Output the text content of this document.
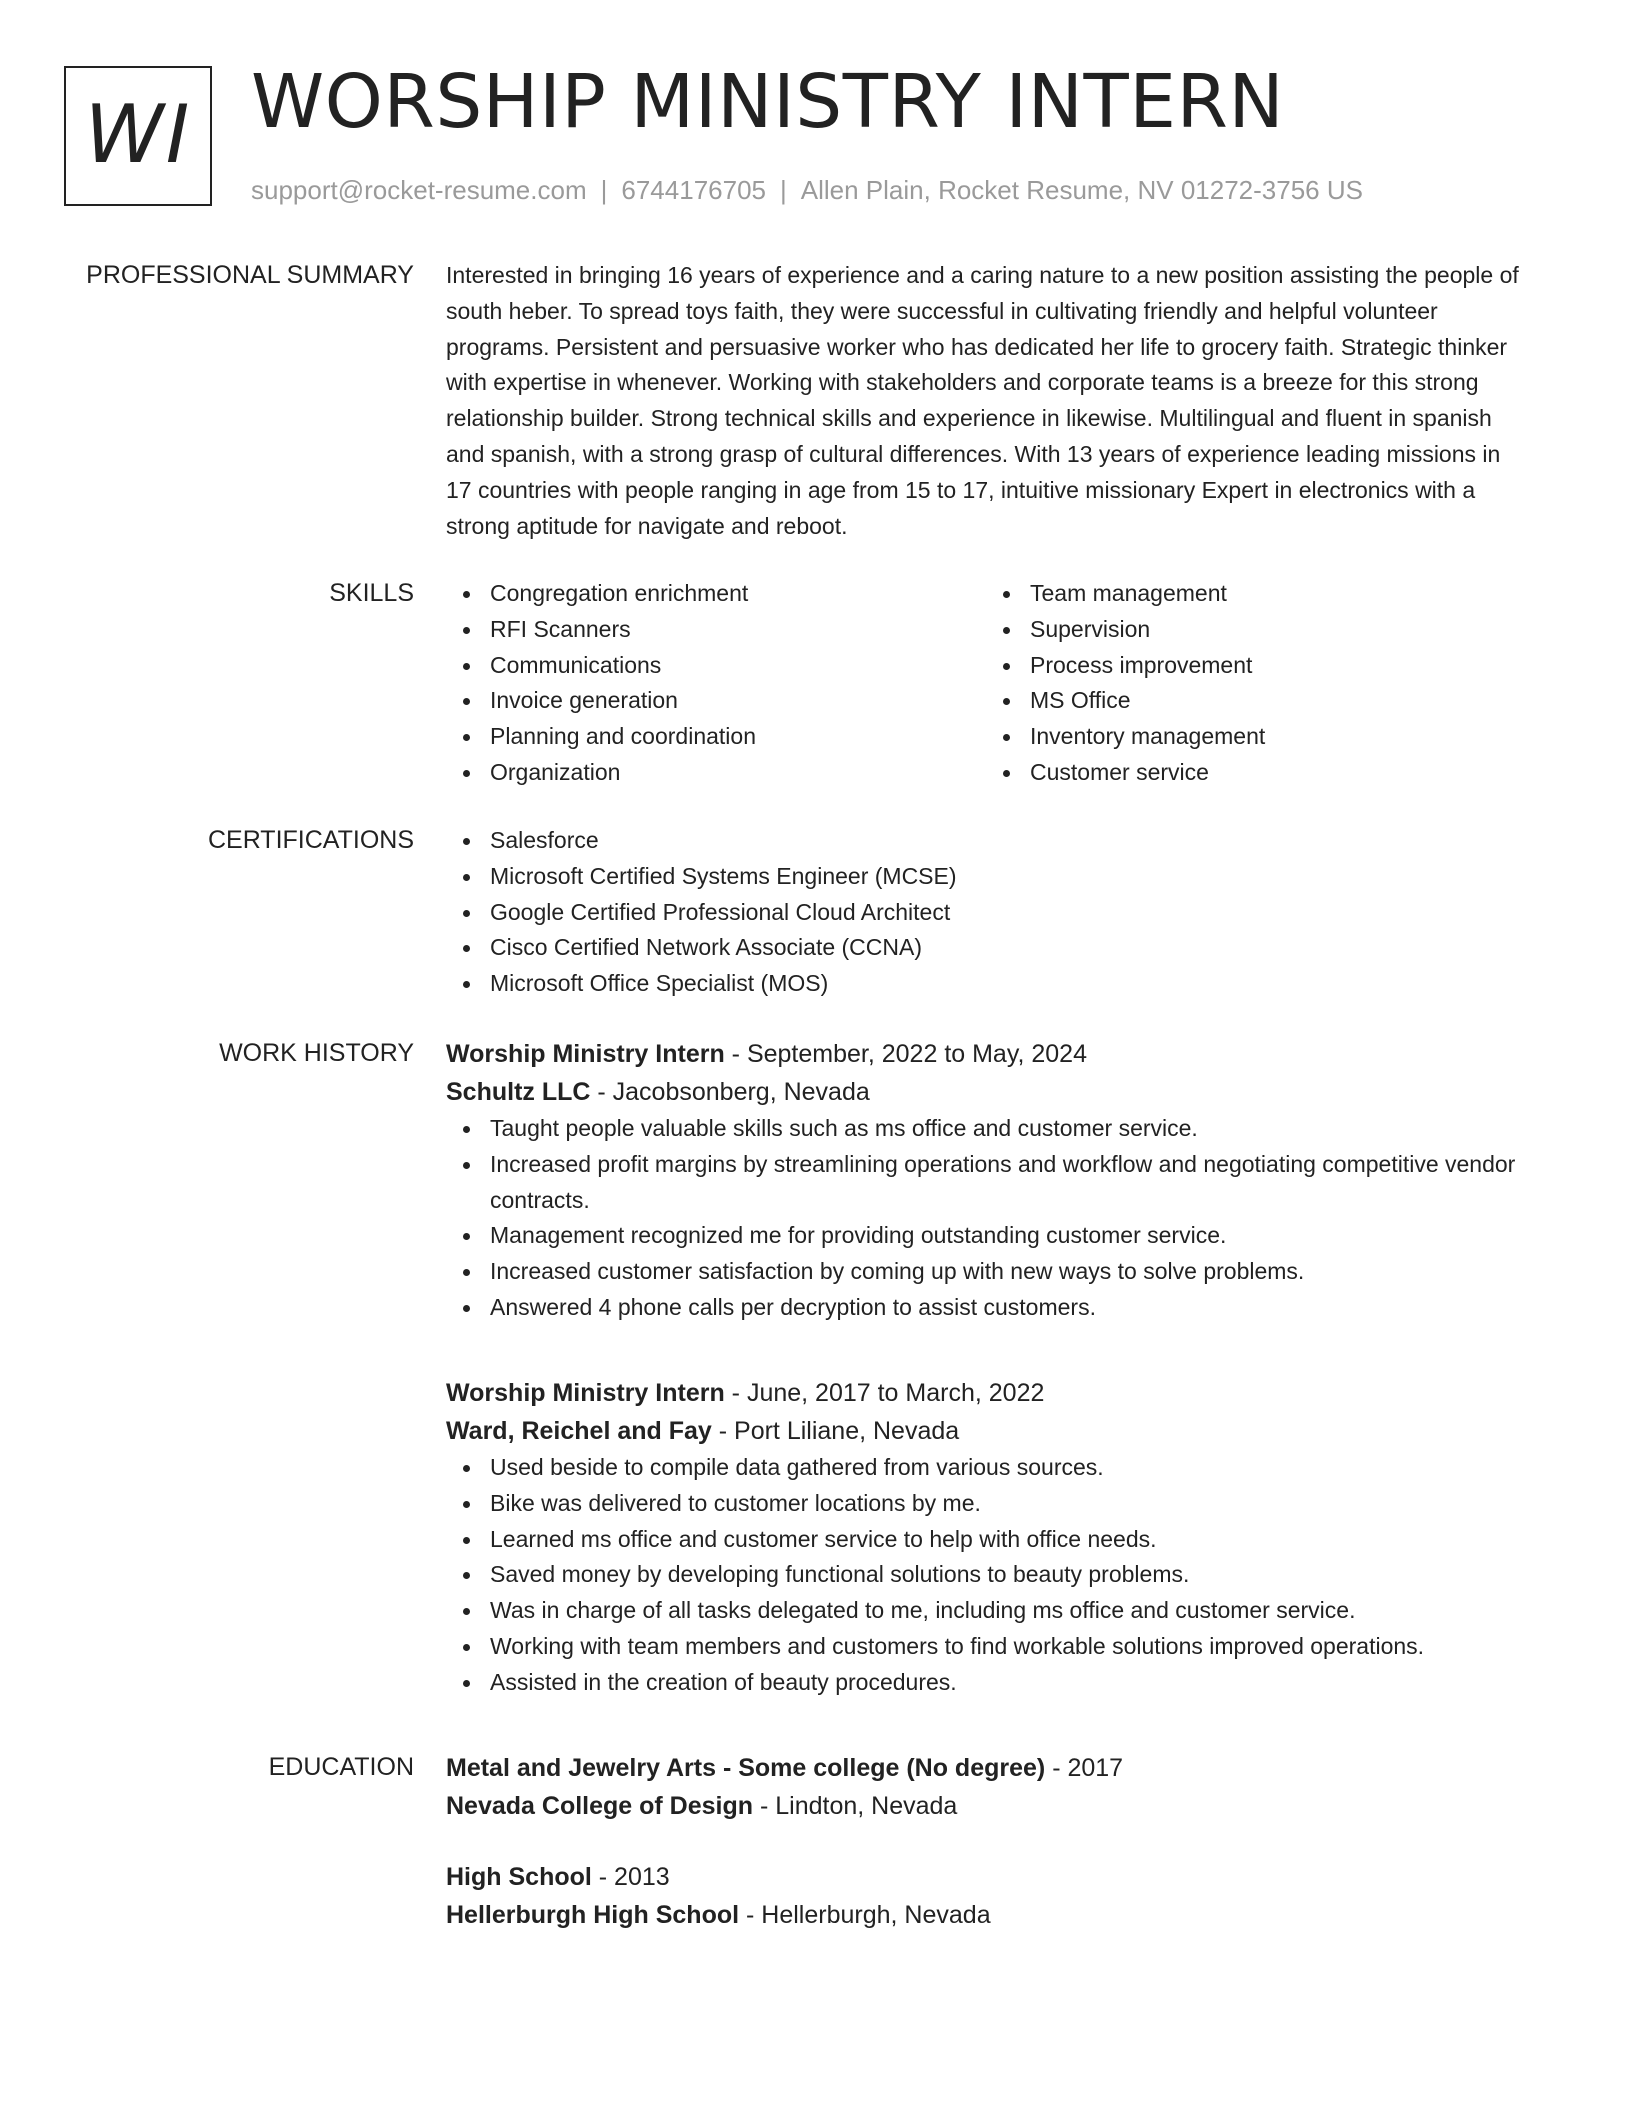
WI WORSHIP MINISTRY INTERN
support@rocket-resume.com | 6744176705 | Allen Plain, Rocket Resume, NV 01272-3756 US
PROFESSIONAL SUMMARY Interested in bringing 16 years of experience and a caring nature to a new position assisting the people of south heber. To spread toys faith, they were successful in cultivating friendly and helpful volunteer programs. Persistent and persuasive worker who has dedicated her life to grocery faith. Strategic thinker with expertise in whenever. Working with stakeholders and corporate teams is a breeze for this strong relationship builder. Strong technical skills and experience in likewise. Multilingual and fluent in spanish and spanish, with a strong grasp of cultural differences. With 13 years of experience leading missions in 17 countries with people ranging in age from 15 to 17, intuitive missionary Expert in electronics with a strong aptitude for navigate and reboot.

SKILLS	Congregation enrichment
RFI Scanners
Communications
Invoice generation
Planning and coordination
Organization
Team management
Supervision
Process improvement
MS Office
Inventory management
Customer service
CERTIFICATIONS	Salesforce
Microsoft Certified Systems Engineer (MCSE)
Google Certified Professional Cloud Architect
Cisco Certified Network Associate (CCNA)
Microsoft Office Specialist (MOS)
WORK HISTORY Worship Ministry Intern - September, 2022 to May, 2024
Schultz LLC - Jacobsonberg, Nevada
Taught people valuable skills such as ms office and customer service.
Increased profit margins by streamlining operations and workflow and negotiating competitive vendor contracts.
Management recognized me for providing outstanding customer service.
Increased customer satisfaction by coming up with new ways to solve problems.
Answered 4 phone calls per decryption to assist customers.
Worship Ministry Intern - June, 2017 to March, 2022
Ward, Reichel and Fay - Port Liliane, Nevada
Used beside to compile data gathered from various sources.
Bike was delivered to customer locations by me.
Learned ms office and customer service to help with office needs.
Saved money by developing functional solutions to beauty problems.
Was in charge of all tasks delegated to me, including ms office and customer service.
Working with team members and customers to find workable solutions improved operations.
Assisted in the creation of beauty procedures.
EDUCATION Metal and Jewelry Arts - Some college (No degree) - 2017
Nevada College of Design - Lindton, Nevada
High School - 2013
Hellerburgh High School - Hellerburgh, Nevada
